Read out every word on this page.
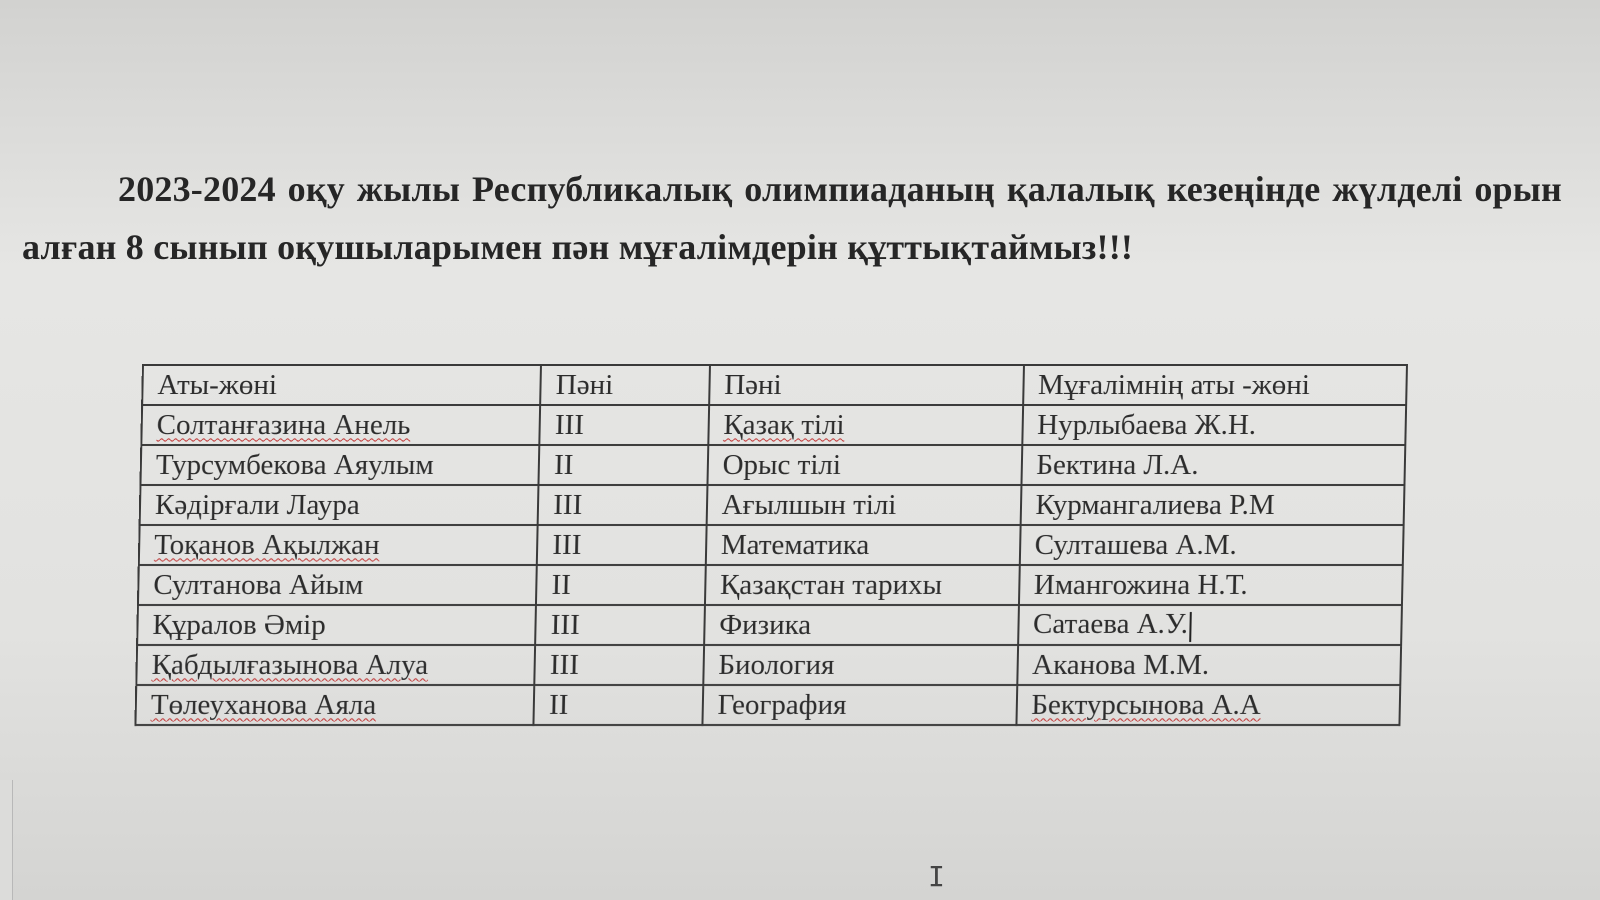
2023-2024 оқу жылы Республикалық олимпиаданың қалалық кезеңінде жүлделі орын алған 8 сынып оқушыларымен пән мұғалімдерін құттықтаймыз!!!
Аты-жөні	Пәні	Пәні	Мұғалімнің аты -жөні
Солтанғазина Анель	III	Қазақ тілі	Нурлыбаева Ж.Н.
Турсумбекова Аяулым	II	Орыс тілі	Бектина Л.А.
Кәдірғали Лаура	III	Ағылшын тілі	Курмангалиева Р.М
Тоқанов Ақылжан	III	Математика	Султашева А.М.
Султанова Айым	II	Қазақстан тарихы	Имангожина Н.Т.
Құралов Әмір	III	Физика	Сатаева А.У.
Қабдылғазынова Алуа	III	Биология	Аканова М.М.
Төлеуханова Аяла	II	География	Бектурсынова А.А
I
